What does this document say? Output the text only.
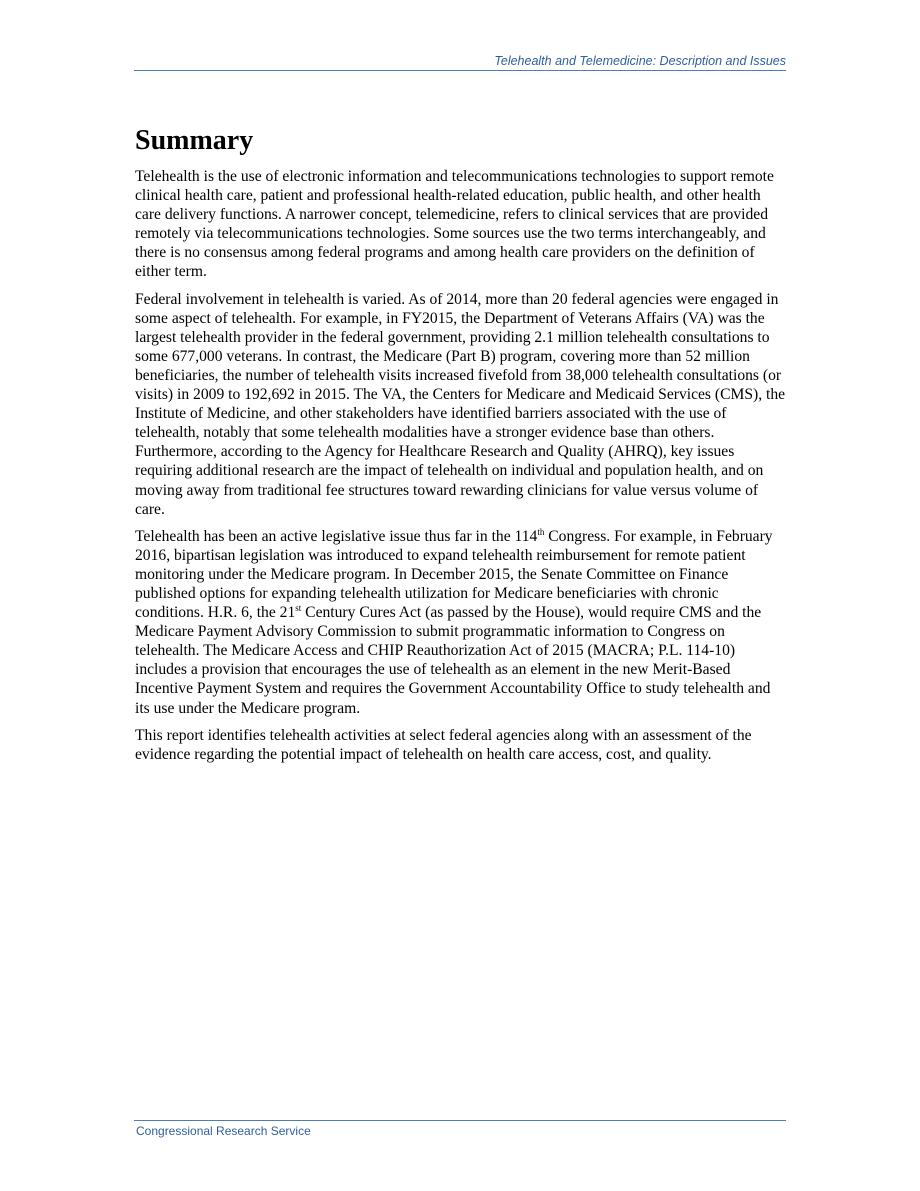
Telehealth and Telemedicine: Description and Issues
Summary

Telehealth is the use of electronic information and telecommunications technologies to support remote clinical health care, patient and professional health-related education, public health, and other health care delivery functions. A narrower concept, telemedicine, refers to clinical services that are provided remotely via telecommunications technologies. Some sources use the two terms interchangeably, and there is no consensus among federal programs and among health care providers on the definition of either term.

Federal involvement in telehealth is varied. As of 2014, more than 20 federal agencies were engaged in some aspect of telehealth. For example, in FY2015, the Department of Veterans Affairs (VA) was the largest telehealth provider in the federal government, providing 2.1 million telehealth consultations to some 677,000 veterans. In contrast, the Medicare (Part B) program, covering more than 52 million beneficiaries, the number of telehealth visits increased fivefold from 38,000 telehealth consultations (or visits) in 2009 to 192,692 in 2015. The VA, the Centers for Medicare and Medicaid Services (CMS), the Institute of Medicine, and other stakeholders have identified barriers associated with the use of telehealth, notably that some telehealth modalities have a stronger evidence base than others. Furthermore, according to the Agency for Healthcare Research and Quality (AHRQ), key issues requiring additional research are the impact of telehealth on individual and population health, and on moving away from traditional fee structures toward rewarding clinicians for value versus volume of care.

Telehealth has been an active legislative issue thus far in the 114th Congress. For example, in February 2016, bipartisan legislation was introduced to expand telehealth reimbursement for remote patient monitoring under the Medicare program. In December 2015, the Senate Committee on Finance published options for expanding telehealth utilization for Medicare beneficiaries with chronic conditions. H.R. 6, the 21st Century Cures Act (as passed by the House), would require CMS and the Medicare Payment Advisory Commission to submit programmatic information to Congress on telehealth. The Medicare Access and CHIP Reauthorization Act of 2015 (MACRA; P.L. 114-10) includes a provision that encourages the use of telehealth as an element in the new Merit-Based Incentive Payment System and requires the Government Accountability Office to study telehealth and its use under the Medicare program.

This report identifies telehealth activities at select federal agencies along with an assessment of the evidence regarding the potential impact of telehealth on health care access, cost, and quality.

Congressional Research Service
